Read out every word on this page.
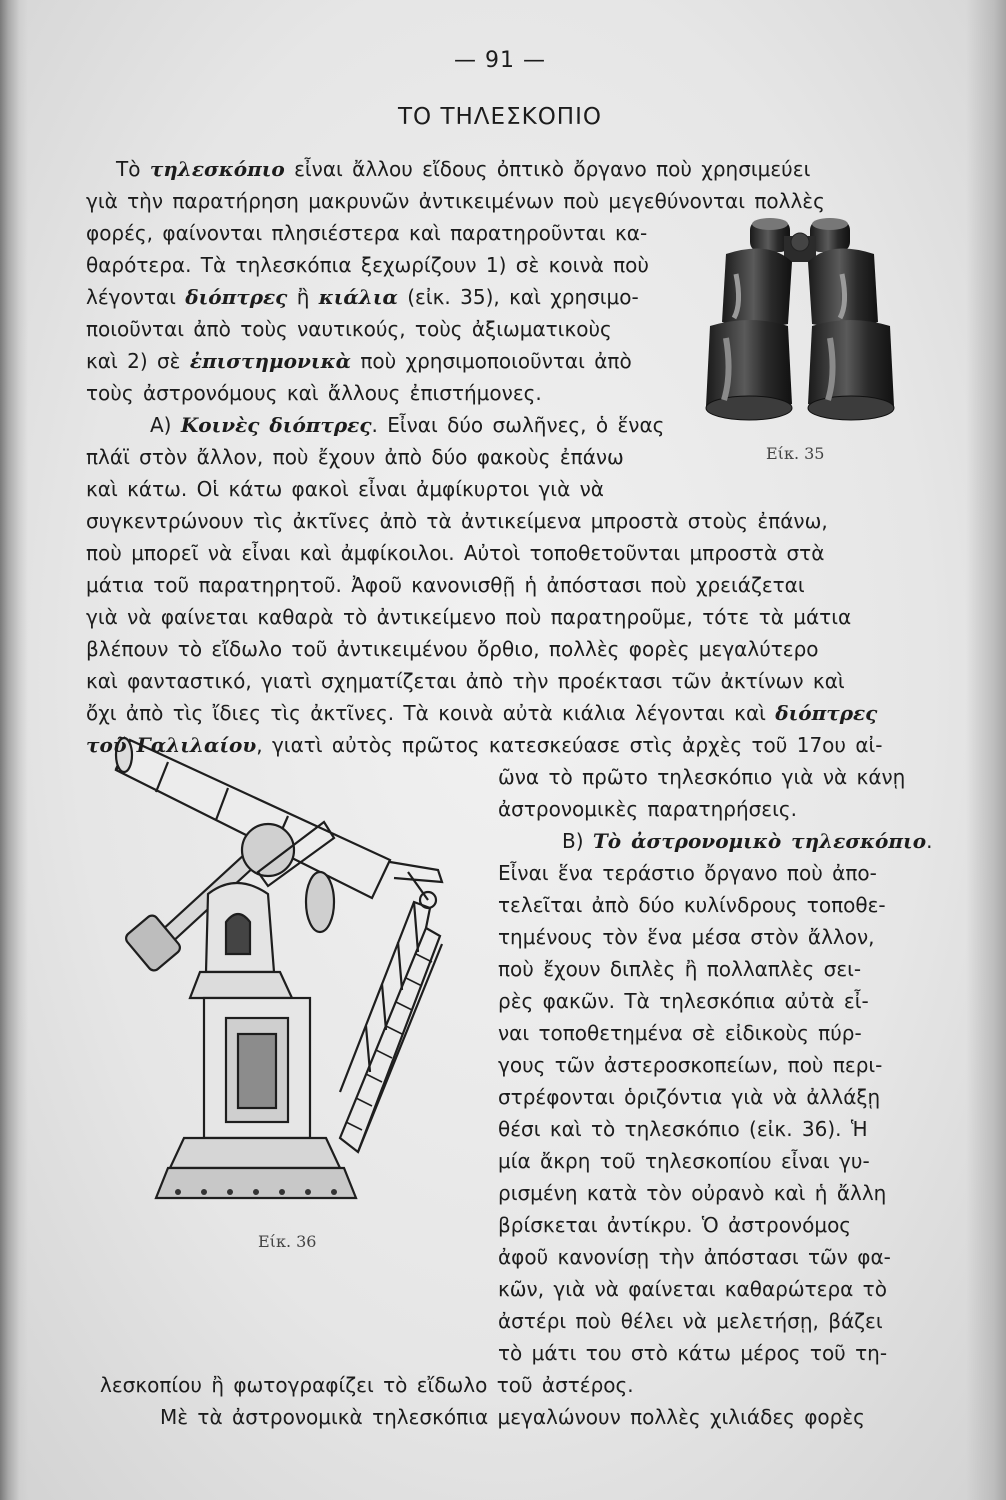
— 91 —
ΤΟ ΤΗΛΕΣΚΟΠΙΟ
Είκ. 35
Είκ. 36
Τὸ τηλεσκόπιο εἶναι ἄλλου εἴδους ὀπτικὸ ὄργανο ποὺ χρησιμεύει
γιὰ τὴν παρατήρηση μακρυνῶν ἀντικειμένων ποὺ μεγεθύνονται πολλὲς
φορές, φαίνονται πλησιέστερα καὶ παρατηροῦνται κα-
θαρότερα. Τὰ τηλεσκόπια ξεχωρίζουν 1) σὲ κοινὰ ποὺ
λέγονται διόπτρες ἢ κιάλια (εἰκ. 35), καὶ χρησιμο-
ποιοῦνται ἀπὸ τοὺς ναυτικούς, τοὺς ἀξιωματικοὺς
καὶ 2) σὲ ἐπιστημονικὰ ποὺ χρησιμοποιοῦνται ἀπὸ
τοὺς ἀστρονόμους καὶ ἄλλους ἐπιστήμονες.
Α) Κοινὲς διόπτρες. Εἶναι δύο σωλῆνες, ὁ ἕνας
πλάϊ στὸν ἄλλον, ποὺ ἔχουν ἀπὸ δύο φακοὺς ἐπάνω
καὶ κάτω. Οἱ κάτω φακοὶ εἶναι ἀμφίκυρτοι γιὰ νὰ
συγκεντρώνουν τὶς ἀκτῖνες ἀπὸ τὰ ἀντικείμενα μπροστὰ στοὺς ἐπάνω,
ποὺ μπορεῖ νὰ εἶναι καὶ ἀμφίκοιλοι. Αὐτοὶ τοποθετοῦνται μπροστὰ στὰ
μάτια τοῦ παρατηρητοῦ. Ἀφοῦ κανονισθῇ ἡ ἀπόστασι ποὺ χρειάζεται
γιὰ νὰ φαίνεται καθαρὰ τὸ ἀντικείμενο ποὺ παρατηροῦμε, τότε τὰ μάτια
βλέπουν τὸ εἴδωλο τοῦ ἀντικειμένου ὄρθιο, πολλὲς φορὲς μεγαλύτερο
καὶ φανταστικό, γιατὶ σχηματίζεται ἀπὸ τὴν προέκτασι τῶν ἀκτίνων καὶ
ὄχι ἀπὸ τὶς ἴδιες τὶς ἀκτῖνες. Τὰ κοινὰ αὐτὰ κιάλια λέγονται καὶ διόπτρες
τοῦ Γαλιλαίου, γιατὶ αὐτὸς πρῶτος κατεσκεύασε στὶς ἀρχὲς τοῦ 17ου αἰ-
ῶνα τὸ πρῶτο τηλεσκόπιο γιὰ νὰ κάνῃ
ἀστρονομικὲς παρατηρήσεις.
Β) Τὸ ἀστρονομικὸ τηλεσκόπιο.
Εἶναι ἕνα τεράστιο ὄργανο ποὺ ἀπο-
τελεῖται ἀπὸ δύο κυλίνδρους τοποθε-
τημένους τὸν ἕνα μέσα στὸν ἄλλον,
ποὺ ἔχουν διπλὲς ἢ πολλαπλὲς σει-
ρὲς φακῶν. Τὰ τηλεσκόπια αὐτὰ εἶ-
ναι τοποθετημένα σὲ εἰδικοὺς πύρ-
γους τῶν ἀστεροσκοπείων, ποὺ περι-
στρέφονται ὁριζόντια γιὰ νὰ ἀλλάξῃ
θέσι καὶ τὸ τηλεσκόπιο (εἰκ. 36). Ἡ
μία ἄκρη τοῦ τηλεσκοπίου εἶναι γυ-
ρισμένη κατὰ τὸν οὐρανὸ καὶ ἡ ἄλλη
βρίσκεται ἀντίκρυ. Ὁ ἀστρονόμος
ἀφοῦ κανονίσῃ τὴν ἀπόστασι τῶν φα-
κῶν, γιὰ νὰ φαίνεται καθαρώτερα τὸ
ἀστέρι ποὺ θέλει νὰ μελετήσῃ, βάζει
τὸ μάτι του στὸ κάτω μέρος τοῦ τη-
λεσκοπίου ἢ φωτογραφίζει τὸ εἴδωλο τοῦ ἀστέρος.
Μὲ τὰ ἀστρονομικὰ τηλεσκόπια μεγαλώνουν πολλὲς χιλιάδες φορὲς
